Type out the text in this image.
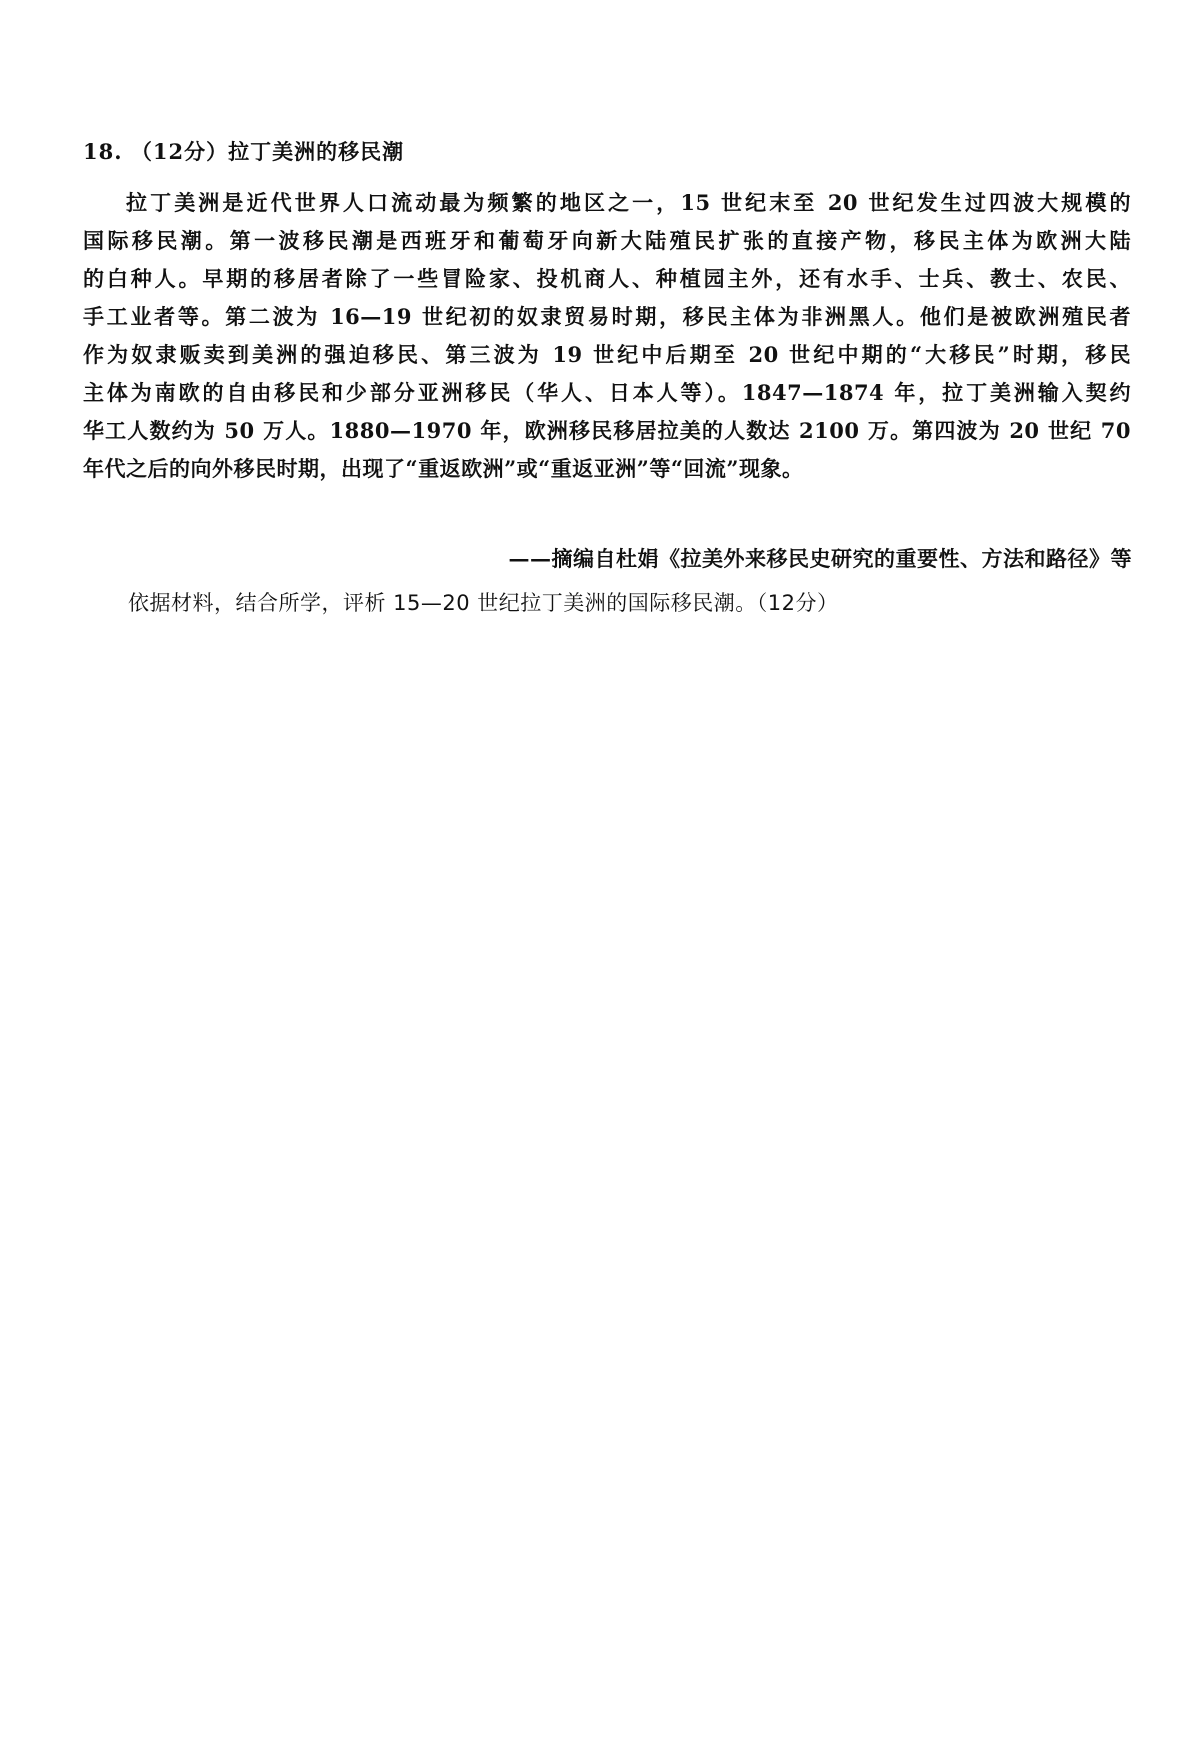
18. （12分）拉丁美洲的移民潮
拉丁美洲是近代世界人口流动最为频繁的地区之一，15 世纪末至 20 世纪发生过四波大规模的
国际移民潮。第一波移民潮是西班牙和葡萄牙向新大陆殖民扩张的直接产物，移民主体为欧洲大陆
的白种人。早期的移居者除了一些冒险家、投机商人、种植园主外，还有水手、士兵、教士、农民、
手工业者等。第二波为 16—19 世纪初的奴隶贸易时期，移民主体为非洲黑人。他们是被欧洲殖民者
作为奴隶贩卖到美洲的强迫移民、第三波为 19 世纪中后期至 20 世纪中期的“大移民”时期，移民
主体为南欧的自由移民和少部分亚洲移民（华人、日本人等）。1847—1874 年，拉丁美洲输入契约
华工人数约为 50 万人。1880—1970 年，欧洲移民移居拉美的人数达 2100 万。第四波为 20 世纪 70
年代之后的向外移民时期，出现了“重返欧洲”或“重返亚洲”等“回流”现象。
——摘编自杜娟《拉美外来移民史研究的重要性、方法和路径》等
依据材料，结合所学，评析 15—20 世纪拉丁美洲的国际移民潮。（12分）
